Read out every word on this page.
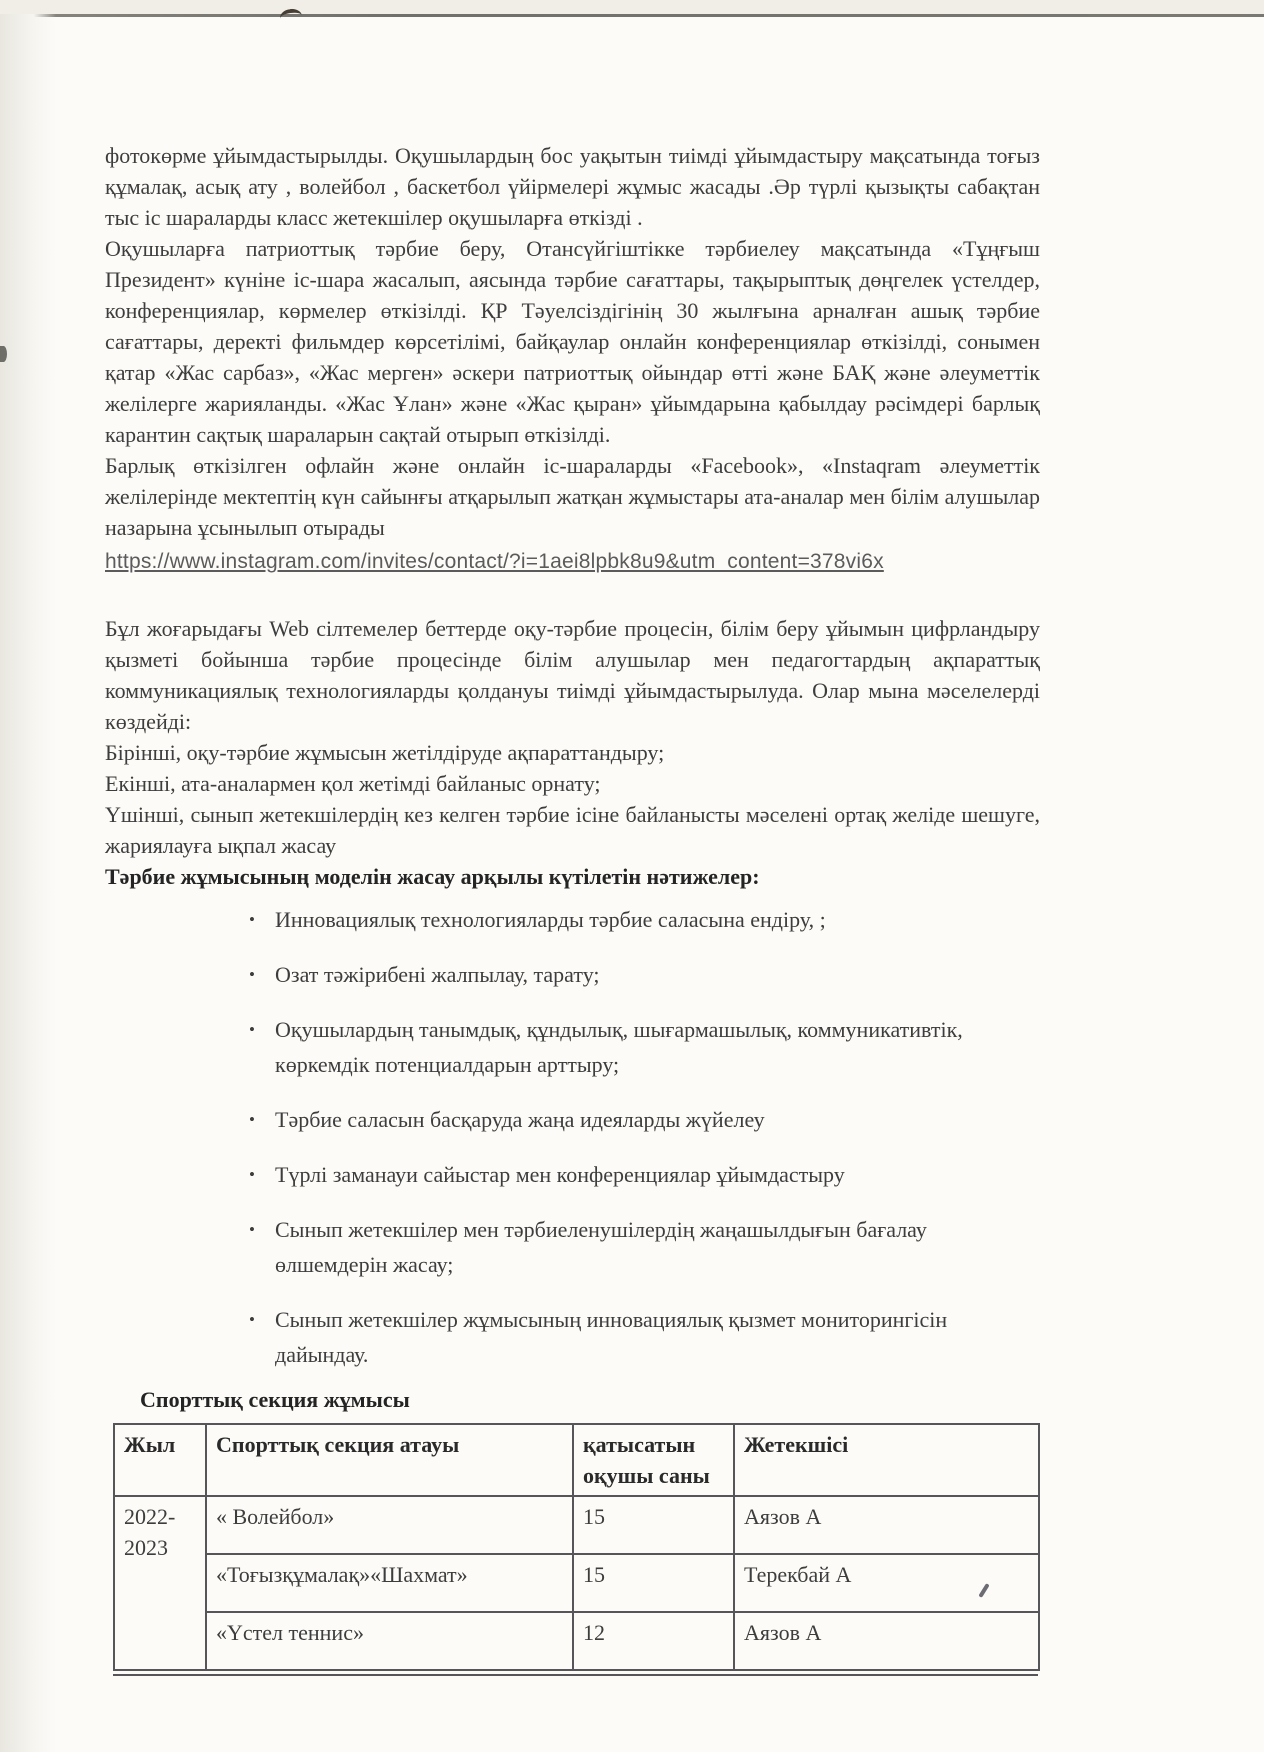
фотокөрме ұйымдастырылды. Оқушылардың бос уақытын тиімді ұйымдастыру мақсатында тоғыз құмалақ, асық ату , волейбол , баскетбол үйірмелері жұмыс жасады .Әр түрлі қызықты сабақтан тыс іс шараларды класс жетекшілер оқушыларға өткізді .

Оқушыларға патриоттық тәрбие беру, Отансүйгіштікке тәрбиелеу мақсатында «Тұңғыш Президент» күніне іс-шара жасалып, аясында тәрбие сағаттары, тақырыптық дөңгелек үстелдер, конференциялар, көрмелер өткізілді. ҚР Тәуелсіздігінің 30 жылғына арналған ашық тәрбие сағаттары, деректі фильмдер көрсетілімі, байқаулар онлайн конференциялар өткізілді, сонымен қатар «Жас сарбаз», «Жас мерген» әскери патриоттық ойындар өтті және БАҚ және әлеуметтік желілерге жарияланды. «Жас Ұлан» және «Жас қыран» ұйымдарына қабылдау рәсімдері барлық карантин сақтық шараларын сақтай отырып өткізілді.

Барлық өткізілген офлайн және онлайн іс-шараларды «Facebook», «Instaqram әлеуметтік желілерінде мектептің күн сайынғы атқарылып жатқан жұмыстары ата-аналар мен білім алушылар назарына ұсынылып отырады

https://www.instagram.com/invites/contact/?i=1aei8lpbk8u9&utm_content=378vi6x

Бұл жоғарыдағы Web сілтемелер беттерде оқу-тәрбие процесін, білім беру ұйымын цифрландыру қызметі бойынша тәрбие процесінде білім алушылар мен педагогтардың ақпараттық коммуникациялық технологияларды қолдануы тиімді ұйымдастырылуда. Олар мына мәселелерді көздейді:

Бірінші, оқу-тәрбие жұмысын жетілдіруде ақпараттандыру;

Екінші, ата-аналармен қол жетімді байланыс орнату;

Үшінші, сынып жетекшілердің кез келген тәрбие ісіне байланысты мәселені ортақ желіде шешуге, жариялауға ықпал жасау

Тәрбие жұмысының моделін жасау арқылы күтілетін нәтижелер:

• Инновациялық технологияларды тәрбие саласына ендіру, ;
• Озат тәжірибені жалпылау, тарату;
• Оқушылардың танымдық, құндылық, шығармашылық, коммуникативтік, көркемдік потенциалдарын арттыру;
• Тәрбие саласын басқаруда жаңа идеяларды жүйелеу
• Түрлі заманауи сайыстар мен конференциялар ұйымдастыру
• Сынып жетекшілер мен тәрбиеленушілердің жаңашылдығын бағалау өлшемдерін жасау;
• Сынып жетекшілер жұмысының инновациялық қызмет мониторингісін дайындау.
Спорттық секция жұмысы
Жыл	Спорттық секция атауы	қатысатын оқушы саны	Жетекшісі
2022-2023	« Волейбол»	15	Аязов А
	«Тоғызқұмалақ»«Шахмат»	15	Терекбай А
	«Үстел теннис»	12	Аязов А
